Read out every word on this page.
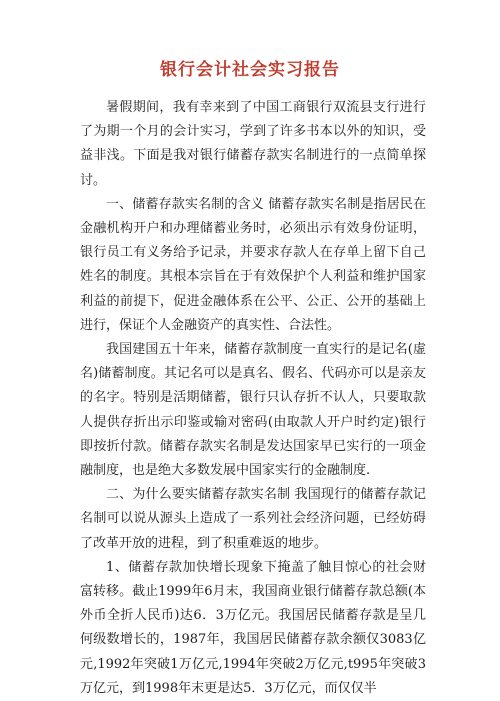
银行会计社会实习报告

暑假期间，我有幸来到了中国工商银行双流县支行进行了为期一个月的会计实习，学到了许多书本以外的知识，受益非浅。下面是我对银行储蓄存款实名制进行的一点简单探讨。

一、储蓄存款实名制的含义 储蓄存款实名制是指居民在金融机构开户和办理储蓄业务时，必须出示有效身份证明，银行员工有义务给予记录，并要求存款人在存单上留下自己姓名的制度。其根本宗旨在于有效保护个人利益和维护国家利益的前提下，促进金融体系在公平、公正、公开的基础上进行，保证个人金融资产的真实性、合法性。

我国建国五十年来，储蓄存款制度一直实行的是记名(虚名)储蓄制度。其记名可以是真名、假名、代码亦可以是亲友的名字。特别是活期储蓄，银行只认存折不认人，只要取款人提供存折出示印鉴或输对密码(由取款人开户时约定)银行即按折付款。储蓄存款实名制是发达国家早已实行的一项金融制度，也是绝大多数发展中国家实行的金融制度.

二、为什么要实储蓄存款实名制 我国现行的储蓄存款记名制可以说从源头上造成了一系列社会经济问题，已经妨碍了改革开放的进程，到了积重难返的地步。

1、储蓄存款加快增长现象下掩盖了触目惊心的社会财富转移。截止1999年6月末，我国商业银行储蓄存款总额(本外币全折人民币)达6．3万亿元。我国居民储蓄存款是呈几何级数增长的，1987年，我国居民储蓄存款余额仅3083亿元,1992年突破1万亿元,1994年突破2万亿元,t995年突破3万亿元，到1998年末更是达5．3万亿元，而仅仅半
